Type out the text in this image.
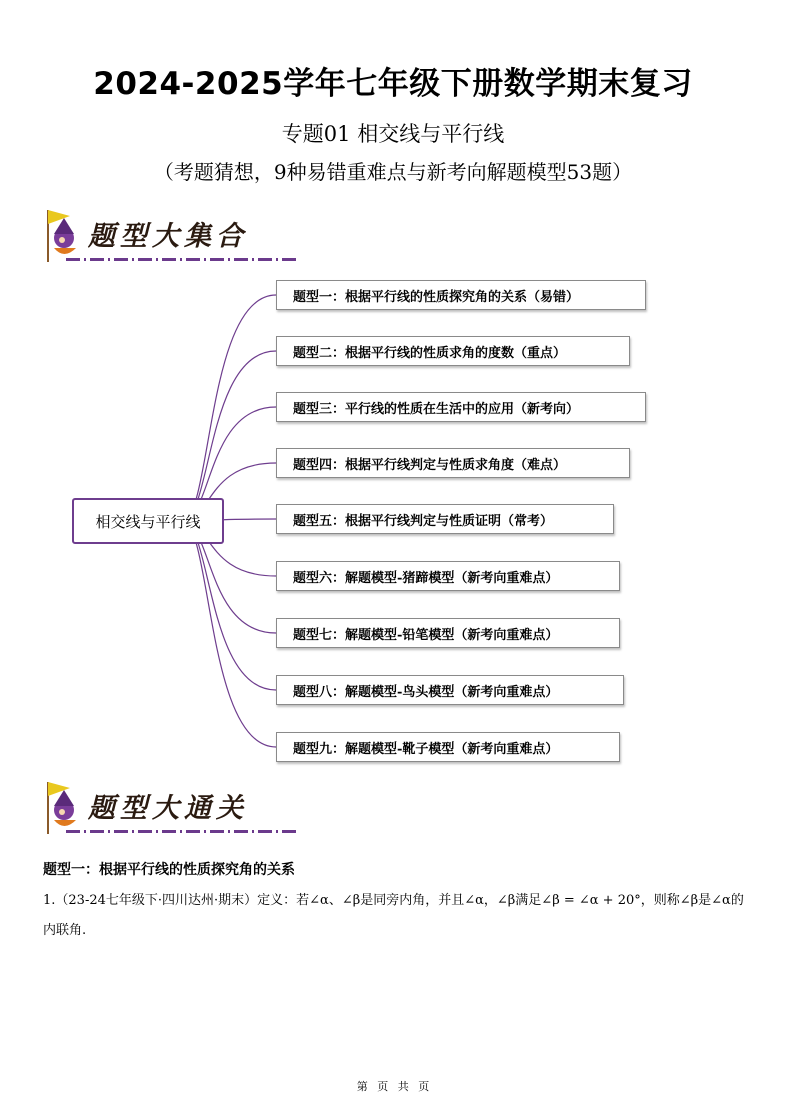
2024-2025学年七年级下册数学期末复习
专题01 相交线与平行线
（考题猜想，9种易错重难点与新考向解题模型53题）
题型大集合
相交线与平行线
题型一：根据平行线的性质探究角的关系（易错）
题型二：根据平行线的性质求角的度数（重点）
题型三：平行线的性质在生活中的应用（新考向）
题型四：根据平行线判定与性质求角度（难点）
题型五：根据平行线判定与性质证明（常考）
题型六：解题模型-猪蹄模型（新考向重难点）
题型七：解题模型-铅笔模型（新考向重难点）
题型八：解题模型-鸟头模型（新考向重难点）
题型九：解题模型-靴子模型（新考向重难点）
题型大通关
题型一：根据平行线的性质探究角的关系
1.（23-24七年级下·四川达州·期末）定义：若∠α、∠β是同旁内角，并且∠α，∠β满足∠β = ∠α + 20°，则称∠β是∠α的内联角.
第 页 共 页
